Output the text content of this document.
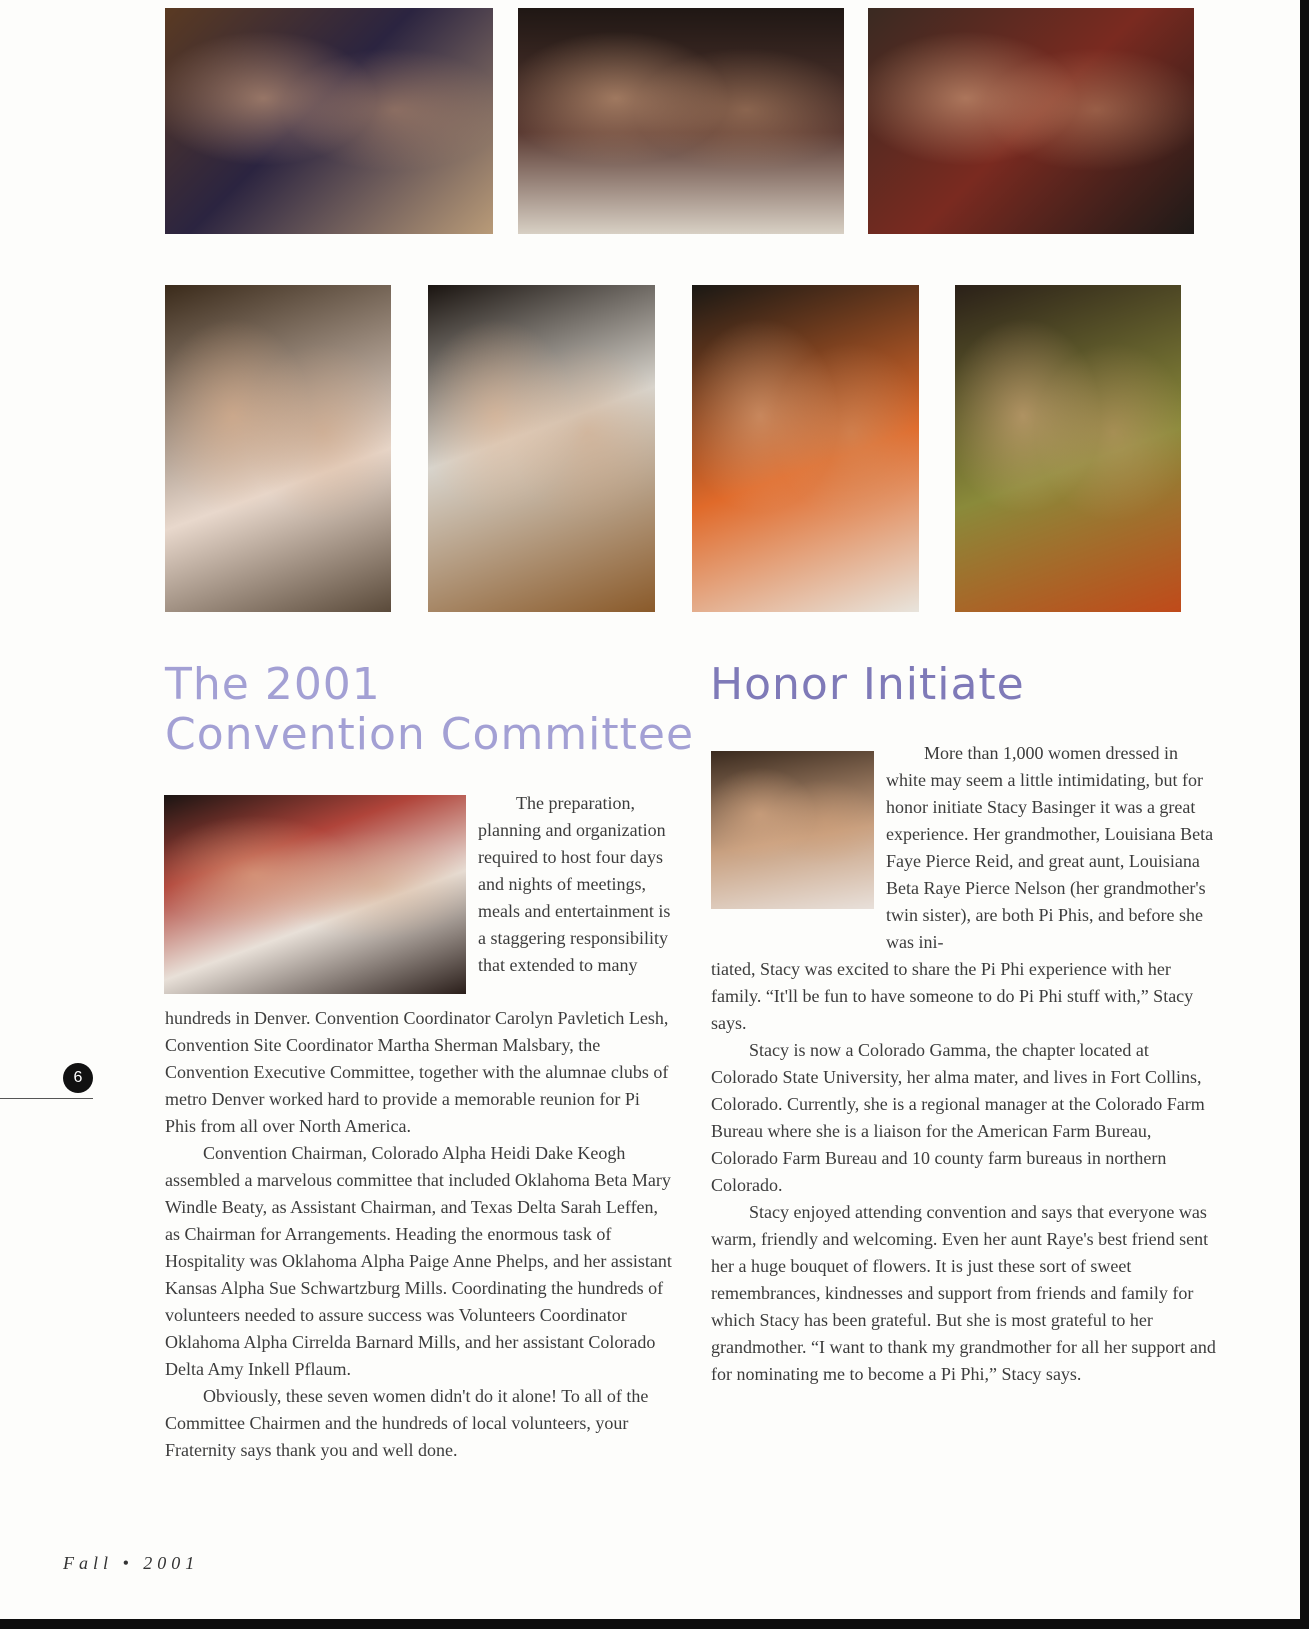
The 2001
Convention Committee

The preparation, planning and organization required to host four days and nights of meetings, meals and entertainment is a staggering responsibility that extended to many

hundreds in Denver. Convention Coordinator Carolyn Pavletich Lesh, Convention Site Coordinator Martha Sherman Malsbary, the Convention Executive Committee, together with the alumnae clubs of metro Denver worked hard to provide a memorable reunion for Pi Phis from all over North America.

Convention Chairman, Colorado Alpha Heidi Dake Keogh assembled a marvelous committee that included Oklahoma Beta Mary Windle Beaty, as Assistant Chairman, and Texas Delta Sarah Leffen, as Chairman for Arrangements. Heading the enormous task of Hospitality was Oklahoma Alpha Paige Anne Phelps, and her assistant Kansas Alpha Sue Schwartzburg Mills. Coordinating the hundreds of volunteers needed to assure success was Volunteers Coordinator Oklahoma Alpha Cirrelda Barnard Mills, and her assistant Colorado Delta Amy Inkell Pflaum.

Obviously, these seven women didn't do it alone! To all of the Committee Chairmen and the hundreds of local volunteers, your Fraternity says thank you and well done.

Honor Initiate

More than 1,000 women dressed in white may seem a little intimidating, but for honor initiate Stacy Basinger it was a great experience. Her grandmother, Louisiana Beta Faye Pierce Reid, and great aunt, Louisiana Beta Raye Pierce Nelson (her grandmother's twin sister), are both Pi Phis, and before she was ini-

tiated, Stacy was excited to share the Pi Phi experience with her family. “It'll be fun to have someone to do Pi Phi stuff with,” Stacy says.

Stacy is now a Colorado Gamma, the chapter located at Colorado State University, her alma mater, and lives in Fort Collins, Colorado. Currently, she is a regional manager at the Colorado Farm Bureau where she is a liaison for the American Farm Bureau, Colorado Farm Bureau and 10 county farm bureaus in northern Colorado.

Stacy enjoyed attending convention and says that everyone was warm, friendly and welcoming. Even her aunt Raye's best friend sent her a huge bouquet of flowers. It is just these sort of sweet remembrances, kindnesses and support from friends and family for which Stacy has been grateful. But she is most grateful to her grandmother. “I want to thank my grandmother for all her support and for nominating me to become a Pi Phi,” Stacy says.

6
Fall • 2001
